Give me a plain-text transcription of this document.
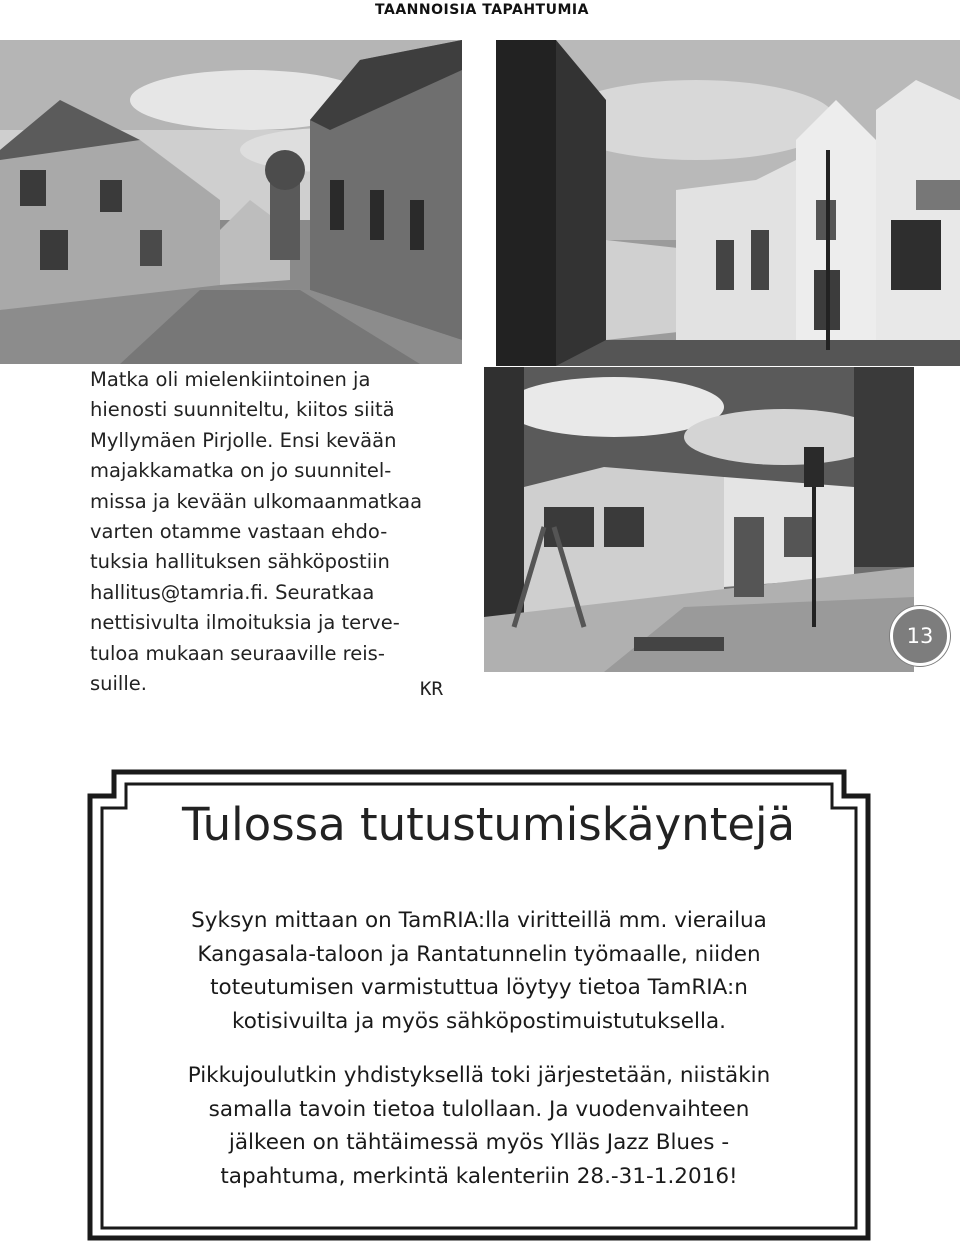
TAANNOISIA TAPAHTUMIA

Matka oli mielenkiintoinen ja
hienosti suunniteltu, kiitos siitä
Myllymäen Pirjolle. Ensi kevään
majakkamatka on jo suunnitel-
missa ja kevään ulkomaanmatkaa
varten otamme vastaan ehdo-
tuksia hallituksen sähköpostiin
hallitus@tamria.fi. Seuratkaa
nettisivulta ilmoituksia ja terve-
tuloa mukaan seuraaville reis-
suille.	KR
13
Tulossa tutustumiskäyntejä

Syksyn mittaan on TamRIA:lla viritteillä mm. vierailua
Kangasala-taloon ja Rantatunnelin työmaalle, niiden
toteutumisen varmistuttua löytyy tietoa TamRIA:n
kotisivuilta ja myös sähköpostimuistutuksella.

Pikkujoulutkin yhdistyksellä toki järjestetään, niistäkin
samalla tavoin tietoa tulollaan. Ja vuodenvaihteen
jälkeen on tähtäimessä myös Ylläs Jazz Blues -
tapahtuma, merkintä kalenteriin 28.-31-1.2016!
